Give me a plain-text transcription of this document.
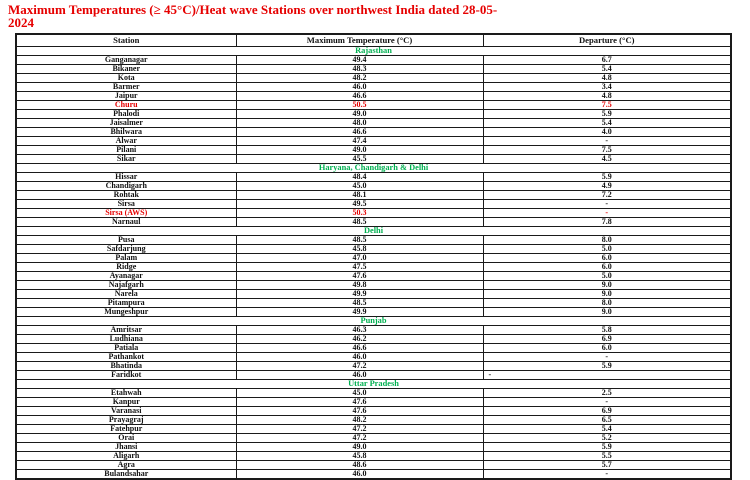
Maximum Temperatures (≥ 45°C)/Heat wave Stations over northwest India dated 28-05-
2024
Station	Maximum Temperature (°C)	Departure (°C)
Rajasthan		
Ganganagar	49.4	6.7
Bikaner	48.3	5.4
Kota	48.2	4.8
Barmer	46.0	3.4
Jaipur	46.6	4.8
Churu	50.5	7.5
Phalodi	49.0	5.9
Jaisalmer	48.0	5.4
Bhilwara	46.6	4.0
Alwar	47.4	-
Pilani	49.0	7.5
Sikar	45.5	4.5
Haryana, Chandigarh & Delhi		
Hissar	48.4	5.9
Chandigarh	45.0	4.9
Rohtak	48.1	7.2
Sirsa	49.5	-
Sirsa (AWS)	50.3	-
Narnaul	48.5	7.8
Delhi		
Pusa	48.5	8.0
Safdarjung	45.8	5.0
Palam	47.0	6.0
Ridge	47.5	6.0
Ayanagar	47.6	5.0
Najafgarh	49.8	9.0
Narela	49.9	9.0
Pitampura	48.5	8.0
Mungeshpur	49.9	9.0
Punjab		
Amritsar	46.3	5.8
Ludhiana	46.2	6.9
Patiala	46.6	6.0
Pathankot	46.0	-
Bhatinda	47.2	5.9
Faridkot	46.0	-
Uttar Pradesh		
Etahwah	45.0	2.5
Kanpur	47.6	-
Varanasi	47.6	6.9
Prayagraj	48.2	6.5
Fatehpur	47.2	5.4
Orai	47.2	5.2
Jhansi	49.0	5.9
Aligarh	45.8	5.5
Agra	48.6	5.7
Bulandsahar	46.0	-
